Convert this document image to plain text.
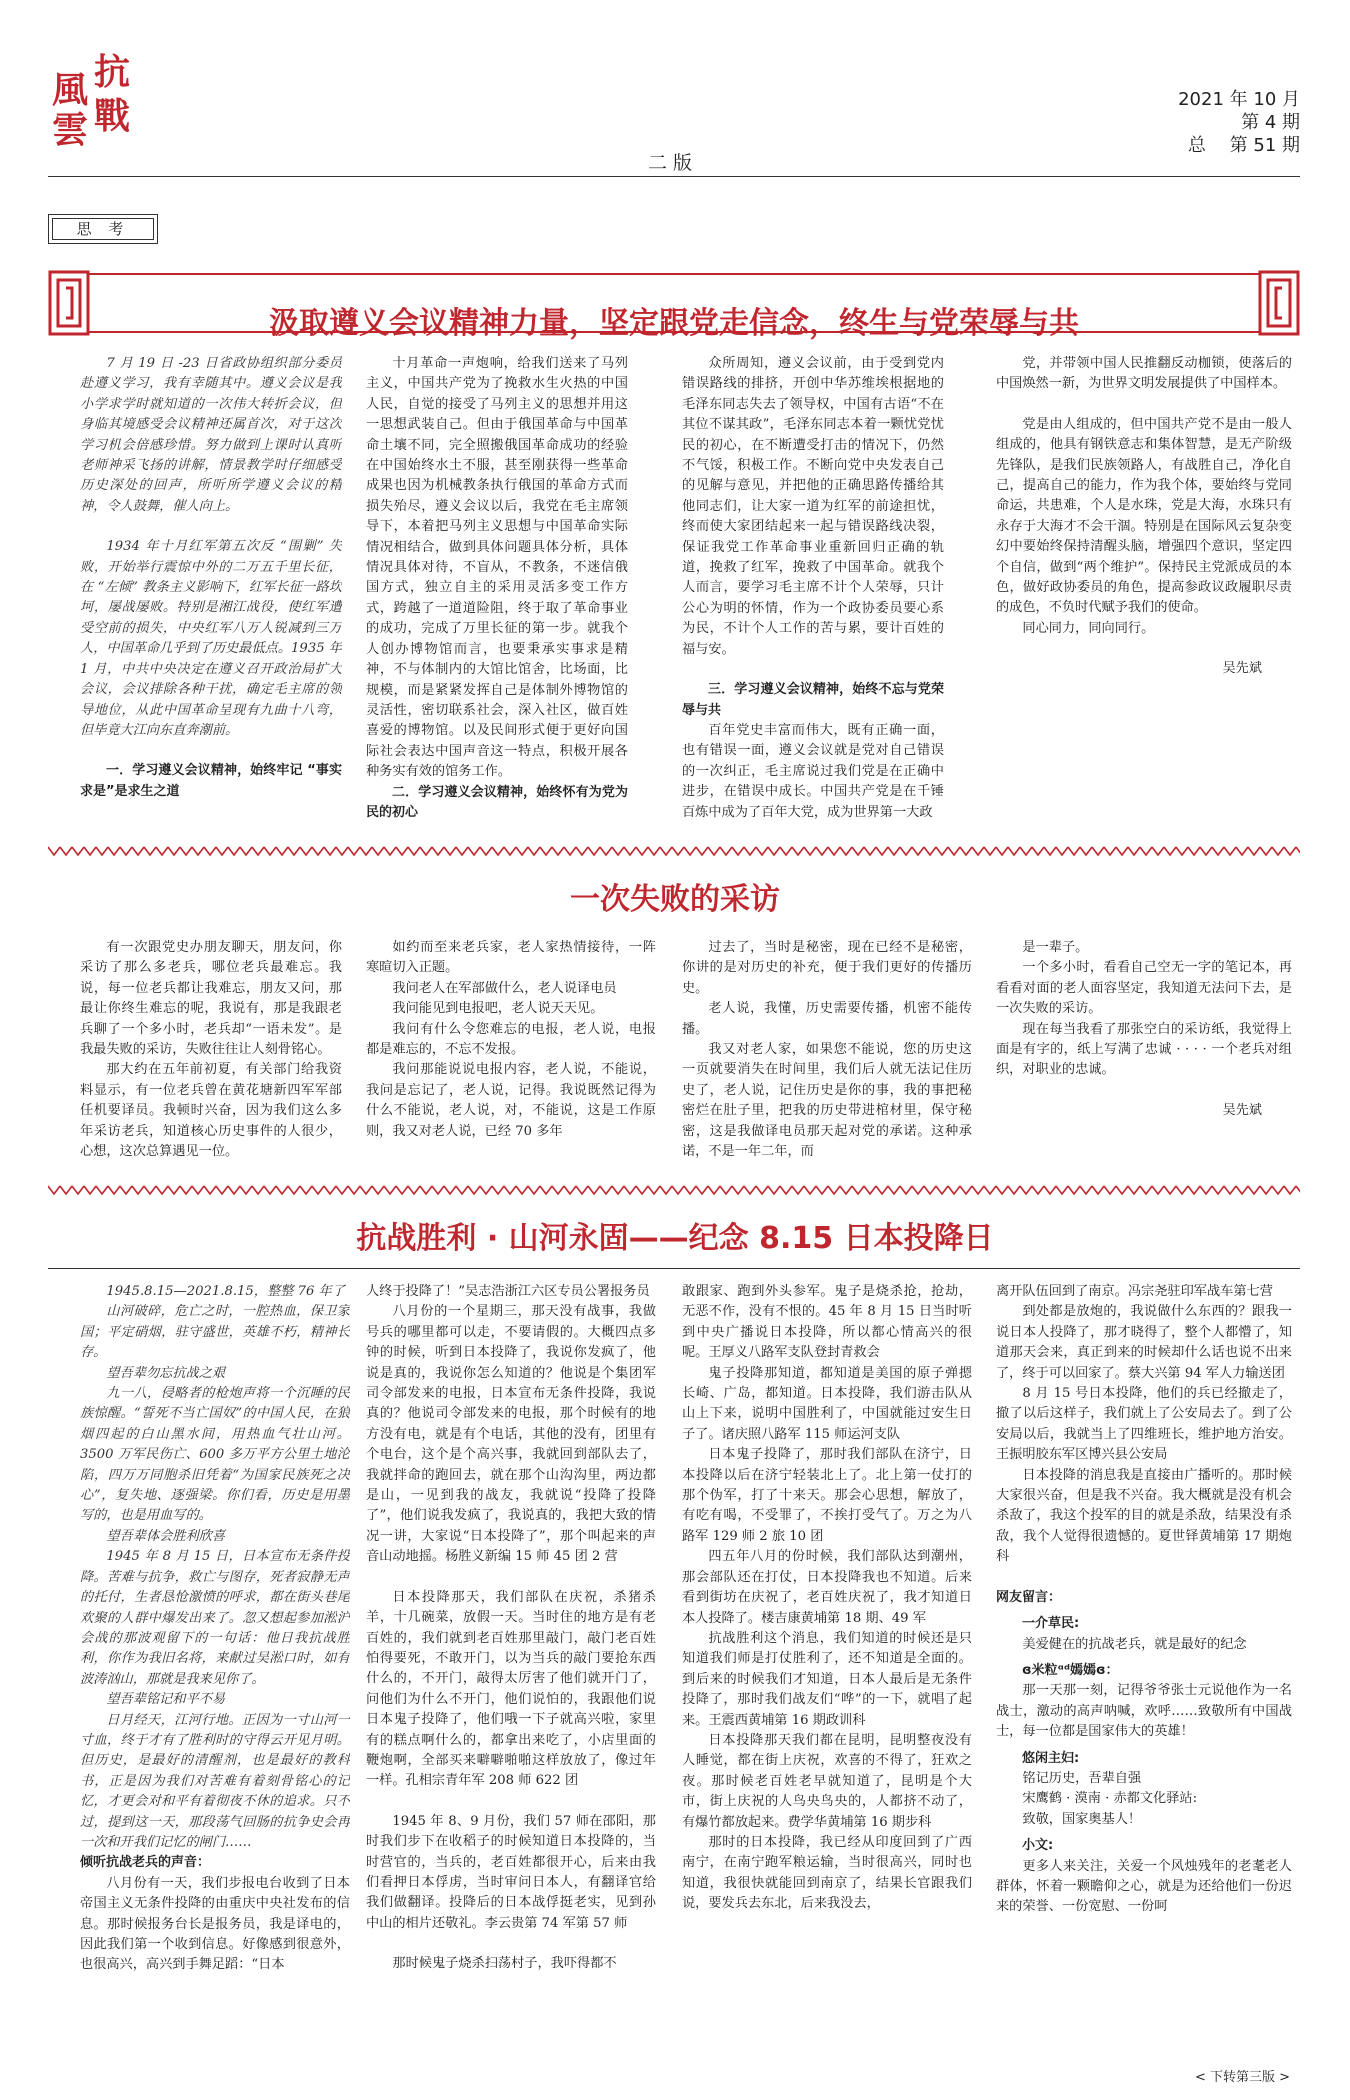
抗
風
戰
雲
二 版
2021 年 10 月
第 4 期
总　 第 51 期
思 考
汲取遵义会议精神力量，坚定跟党走信念，终生与党荣辱与共

7 月 19 日 -23 日省政协组织部分委员赴遵义学习，我有幸随其中。遵义会议是我小学求学时就知道的一次伟大转折会议，但身临其境感受会议精神还属首次，对于这次学习机会倍感珍惜。努力做到上课时认真听老师神采飞扬的讲解，情景教学时仔细感受历史深处的回声，所听所学遵义会议的精神，令人鼓舞，催人向上。

1934 年十月红军第五次反 “围剿” 失败，开始举行震惊中外的二万五千里长征，在 “左倾” 教条主义影响下，红军长征一路坎坷，屡战屡败。特别是湘江战役，使红军遭受空前的损失，中央红军八万人锐减到三万人，中国革命几乎到了历史最低点。1935 年 1 月，中共中央决定在遵义召开政治局扩大会议，会议排除各种干扰，确定毛主席的领导地位，从此中国革命呈现有九曲十八弯，但毕竟大江向东直奔潮前。

一．学习遵义会议精神，始终牢记 “事实求是”是求生之道

十月革命一声炮响，给我们送来了马列主义，中国共产党为了挽救水生火热的中国人民，自觉的接受了马列主义的思想并用这一思想武装自己。但由于俄国革命与中国革命土壤不同，完全照搬俄国革命成功的经验在中国始终水土不服，甚至刚获得一些革命成果也因为机械教条执行俄国的革命方式而损失殆尽，遵义会议以后，我党在毛主席领导下，本着把马列主义思想与中国革命实际情况相结合，做到具体问题具体分析，具体情况具体对待，不盲从，不教条，不迷信俄国方式，独立自主的采用灵活多变工作方式，跨越了一道道险阻，终于取了革命事业的成功，完成了万里长征的第一步。就我个人创办博物馆而言，也要秉承实事求是精神，不与体制内的大馆比馆舍，比场面，比规模，而是紧紧发挥自己是体制外博物馆的灵活性，密切联系社会，深入社区，做百姓喜爱的博物馆。以及民间形式便于更好向国际社会表达中国声音这一特点，积极开展各种务实有效的馆务工作。

二．学习遵义会议精神，始终怀有为党为民的初心

众所周知，遵义会议前，由于受到党内错误路线的排挤，开创中华苏维埃根据地的毛泽东同志失去了领导权，中国有古语“不在其位不谋其政”，毛泽东同志本着一颗忧党忧民的初心，在不断遭受打击的情况下，仍然不气馁，积极工作。不断向党中央发表自己的见解与意见，并把他的正确思路传播给其他同志们，让大家一道为红军的前途担忧，终而使大家团结起来一起与错误路线决裂，保证我党工作革命事业重新回归正确的轨道，挽救了红军，挽救了中国革命。就我个人而言，要学习毛主席不计个人荣辱，只计公心为明的怀情，作为一个政协委员要心系为民，不计个人工作的苦与累，要计百姓的福与安。

三．学习遵义会议精神，始终不忘与党荣辱与共

百年党史丰富而伟大，既有正确一面，也有错误一面，遵义会议就是党对自己错误的一次纠正，毛主席说过我们党是在正确中进步，在错误中成长。中国共产党是在千锤百炼中成为了百年大党，成为世界第一大政

党，并带领中国人民推翻反动枷锁，使落后的中国焕然一新，为世界文明发展提供了中国样本。

党是由人组成的，但中国共产党不是由一般人组成的，他具有钢铁意志和集体智慧，是无产阶级先锋队，是我们民族领路人，有战胜自己，净化自己，提高自己的能力，作为我个体，要始终与党同命运，共患难，个人是水珠，党是大海，水珠只有永存于大海才不会干涸。特别是在国际风云复杂变幻中要始终保持清醒头脑，增强四个意识，坚定四个自信，做到“两个维护”。保持民主党派成员的本色，做好政协委员的角色，提高参政议政履职尽责的成色，不负时代赋予我们的使命。

同心同力，同向同行。

吴先斌

一次失败的采访

有一次跟党史办朋友聊天，朋友问，你采访了那么多老兵，哪位老兵最难忘。我说，每一位老兵都让我难忘，朋友又问，那最让你终生难忘的呢，我说有，那是我跟老兵聊了一个多小时，老兵却“一语未发”。是我最失败的采访，失败往往让人刻骨铭心。

那大约在五年前初夏，有关部门给我资料显示，有一位老兵曾在黄花塘新四军军部任机要译员。我顿时兴奋，因为我们这么多年采访老兵，知道核心历史事件的人很少，心想，这次总算遇见一位。

如约而至来老兵家，老人家热情接待，一阵寒暄切入正题。

我问老人在军部做什么，老人说译电员

我问能见到电报吧，老人说天天见。

我问有什么令您难忘的电报，老人说，电报都是难忘的，不忘不发报。

我问那能说说电报内容，老人说，不能说，我问是忘记了，老人说，记得。我说既然记得为什么不能说，老人说，对，不能说，这是工作原则，我又对老人说，已经 70 多年

过去了，当时是秘密，现在已经不是秘密，你讲的是对历史的补充，便于我们更好的传播历史。

老人说，我懂，历史需要传播，机密不能传播。

我又对老人家，如果您不能说，您的历史这一页就要消失在时间里，我们后人就无法记住历史了，老人说，记住历史是你的事，我的事把秘密烂在肚子里，把我的历史带进棺材里，保守秘密，这是我做译电员那天起对党的承诺。这种承诺，不是一年二年，而

是一辈子。

一个多小时，看看自己空无一字的笔记本，再看看对面的老人面容坚定，我知道无法问下去，是一次失败的采访。

现在每当我看了那张空白的采访纸，我觉得上面是有字的，纸上写满了忠诚 · · · · 一个老兵对组织，对职业的忠诚。

吴先斌

抗战胜利 · 山河永固——纪念 8.15 日本投降日

1945.8.15—2021.8.15，整整 76 年了

山河破碎，危亡之时，一腔热血，保卫家国；平定硝烟，驻守盛世，英雄不朽，精神长存。

望吾辈勿忘抗战之艰

九一八，侵略者的枪炮声将一个沉睡的民族惊醒。“誓死不当亡国奴”的中国人民，在狼烟四起的白山黑水间，用热血气壮山河。3500 万军民伤亡、600 多万平方公里土地沦陷，四万万同胞杀旧凭着“为国家民族死之决心”，复失地、逐强梁。你们看，历史是用墨写的，也是用血写的。

望吾辈体会胜利欣喜

1945 年 8 月 15 日，日本宣布无条件投降。苦难与抗争，救亡与图存，死者寂静无声的托付，生者恳怆激愤的呼求，都在街头巷尾欢聚的人群中爆发出来了。忽又想起参加淞沪会战的那波观留下的一句话：他日我抗战胜利，你作为我旧名将，来献过吴淞口时，如有波涛汹山，那就是我来见你了。

望吾辈铭记和平不易

日月经天，江河行地。正因为一寸山河一寸血，终于才有了胜利时的守得云开见月明。但历史，是最好的清醒剂，也是最好的教科书，正是因为我们对苦难有着刻骨铭心的记忆，才更会对和平有着彻夜不休的追求。只不过，提到这一天，那段荡气回肠的抗争史会再一次和开我们记忆的闸门……

倾听抗战老兵的声音：

八月份有一天，我们步报电台收到了日本帝国主义无条件投降的由重庆中央社发布的信息。那时候报务台长是报务员，我是译电的，因此我们第一个收到信息。好像感到很意外，也很高兴，高兴到手舞足蹈：“日本

人终于投降了！”吴志浩浙江六区专员公署报务员

八月份的一个星期三，那天没有战事，我做号兵的哪里都可以走，不要请假的。大概四点多钟的时候，听到日本投降了，我说你发疯了，他说是真的，我说你怎么知道的？他说是个集团军司令部发来的电报，日本宣布无条件投降，我说真的？他说司令部发来的电报，那个时候有的地方没有电，就是有个电话，其他的没有，团里有个电台，这个是个高兴事，我就回到部队去了，我就拌命的跑回去，就在那个山沟沟里，两边都是山，一见到我的战友，我就说“投降了投降了”，他们说我发疯了，我说真的，我把大致的情况一讲，大家说“日本投降了”，那个叫起来的声音山动地摇。杨胜义新编 15 师 45 团 2 营

日本投降那天，我们部队在庆祝，杀猪杀羊，十几碗菜，放假一天。当时住的地方是有老百姓的，我们就到老百姓那里敲门，敲门老百姓怕得要死，不敢开门，以为当兵的敲门要抢东西什么的，不开门，敲得太厉害了他们就开门了，问他们为什么不开门，他们说怕的，我跟他们说日本鬼子投降了，他们哦一下子就高兴啦，家里有的糕点啊什么的，都拿出来吃了，小店里面的鞭炮啊，全部买来噼噼啪啪这样放放了，像过年一样。孔相宗青年军 208 师 622 团

1945 年 8、9 月份，我们 57 师在邵阳，那时我们步下在收稻子的时候知道日本投降的，当时营官的，当兵的，老百姓都很开心，后来由我们看押日本俘虏，当时审问日本人，有翻译官给我们做翻译。投降后的日本战俘挺老实，见到孙中山的相片还敬礼。李云贵第 74 军第 57 师

那时候鬼子烧杀扫荡村子，我吓得都不

敢跟家、跑到外头参军。鬼子是烧杀抢，抢劫，无恶不作，没有不恨的。45 年 8 月 15 日当时听到中央广播说日本投降，所以都心情高兴的很呢。王厚义八路军支队登封青救会

鬼子投降那知道，都知道是美国的原子弹摁长崎、广岛，都知道。日本投降，我们游击队从山上下来，说明中国胜利了，中国就能过安生日子了。诸庆照八路军 115 师运河支队

日本鬼子投降了，那时我们部队在济宁，日本投降以后在济宁轻装北上了。北上第一仗打的那个伪军，打了十来天。那会心思想，解放了，有吃有喝，不受罪了，不挨打受气了。万之为八路军 129 师 2 旅 10 团

四五年八月的份时候，我们部队达到潮州，那会部队还在打仗，日本投降我也不知道。后来看到街坊在庆祝了，老百姓庆祝了，我才知道日本人投降了。楼吉康黄埔第 18 期、49 军

抗战胜利这个消息，我们知道的时候还是只知道我们师是打仗胜利了，还不知道是全面的。到后来的时候我们才知道，日本人最后是无条件投降了，那时我们战友们“哗”的一下，就唱了起来。王震西黄埔第 16 期政训科

日本投降那天我们都在昆明，昆明整夜没有人睡觉，都在街上庆祝，欢喜的不得了，狂欢之夜。那时候老百姓老早就知道了，昆明是个大市，街上庆祝的人鸟央鸟央的，人都挤不动了，有爆竹都放起来。费学华黄埔第 16 期步科

那时的日本投降，我已经从印度回到了广西南宁，在南宁跑军粮运输，当时很高兴，同时也知道，我很快就能回到南京了，结果长官跟我们说，要发兵去东北，后来我没去，

离开队伍回到了南京。冯宗尧驻印军战车第七营

到处都是放炮的，我说做什么东西的？跟我一说日本人投降了，那才晓得了，整个人都懵了，知道那天会来，真正到来的时候却什么话也说不出来了，终于可以回家了。蔡大兴第 94 军人力输送团

8 月 15 号日本投降，他们的兵已经撤走了，撤了以后这样子，我们就上了公安局去了。到了公安局以后，我就当上了四维班长，维护地方治安。王振明胶东军区博兴县公安局

日本投降的消息我是直接由广播听的。那时候大家很兴奋，但是我不兴奋。我大概就是没有机会杀敌了，我这个投军的目的就是杀敌，结果没有杀敌，我个人觉得很遗憾的。夏世铎黄埔第 17 期炮科

网友留言：

一介草民:

美爱健在的抗战老兵，就是最好的纪念

ɞ米粒ᵅᵈ嫣嫣ɞ：

那一天那一刻，记得爷爷张士元说他作为一名战士，激动的高声呐喊，欢呼……致敬所有中国战士，每一位都是国家伟大的英雄！

悠闲主妇:

铭记历史，吾辈自强

宋鹰鹤 · 漠南 · 赤都文化驿站:

致敬，国家奥基人！

小文:

更多人来关注，关爱一个风烛残年的老耄老人群体，怀着一颗瞻仰之心，就是为还给他们一份迟来的荣誉、一份宽慰、一份呵

< 下转第三版 >
